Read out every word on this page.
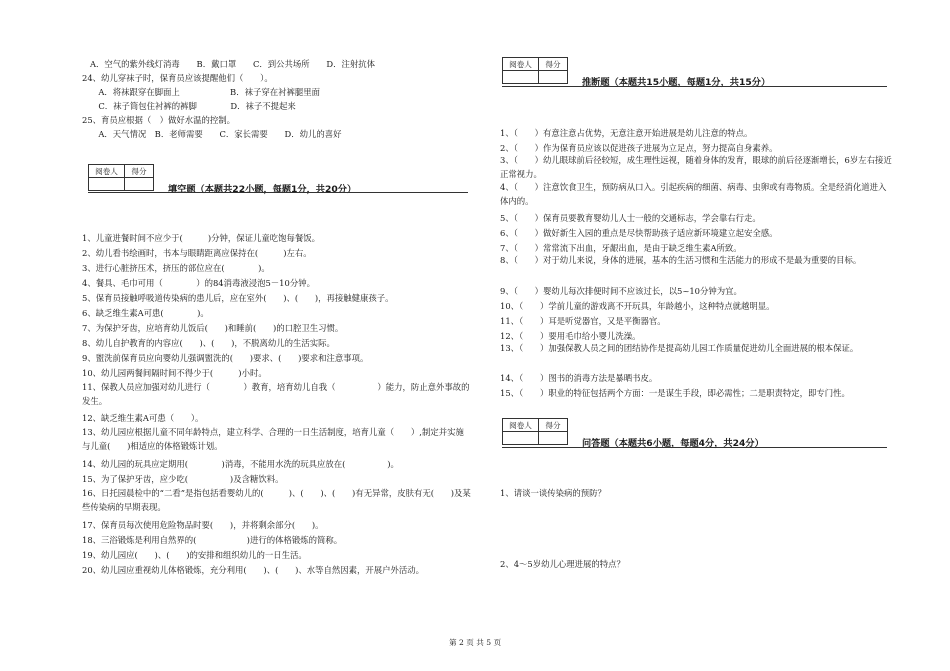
A．空气的紫外线灯消毒　　B．戴口罩　　C．到公共场所　　D．注射抗体
24、幼儿穿袜子时，保育员应该提醒他们（　　）。
　A．将袜跟穿在脚面上　　　　　　B．袜子穿在衬裤腿里面
　C．袜子筒包住衬裤的裤脚　　　　D．袜子不提起来
25、育员应根据（　）做好水温的控制。
　A．天气情况　B．老师需要　　C．家长需要　　D．幼儿的喜好
阅卷人	得分

填空题（本题共22小题，每题1分，共20分）
1、儿童进餐时间不应少于(　　　)分钟，保证儿童吃饱每餐饭。
2、幼儿看书绘画时，书本与眼睛距离应保持在(　　　)左右。
3、进行心脏挤压术，挤压的部位应在(　　　　)。
4、餐具、毛巾可用（　　　　）的84消毒液浸泡5－10分钟。
5、保育员接触呼吸道传染病的患儿后，应在室外(　　)、(　　)，再接触健康孩子。
6、缺乏维生素A可患(　　　　)。
7、为保护牙齿，应培育幼儿饭后(　　)和睡前(　　)的口腔卫生习惯。
8、幼儿自护教育的内容应(　　)、(　　)，不脱离幼儿的生活实际。
9、盥洗前保育员应向婴幼儿强调盥洗的(　　)要求、(　　)要求和注意事项。
10、幼儿园两餐间隔时间不得少于(　　　)小时。
11、保教人员应加强对幼儿进行（　　　　）教育，培育幼儿自我（　　　　　）能力，防止意外事故的发生。
12、缺乏维生素A可患（　　）。
13、幼儿园应根据儿童不同年龄特点，建立科学、合理的一日生活制度，培育儿童（　　）,制定并实施与儿童(　　)相适应的体格锻炼计划。
14、幼儿园的玩具应定期用(　　　　)消毒，不能用水洗的玩具应放在(　　　　　)。
15、为了保护牙齿，应少吃(　　　　　)及含糖饮料。
16、日托园晨检中的“二看”是指包括看婴幼儿的(　　　)、(　　)、(　　)有无异常，皮肤有无(　　)及某些传染病的早期表现。
17、保育员每次使用危险物品时要(　　)，并将剩余部分(　　)。
18、三浴锻炼是利用自然界的(　　　　　　)进行的体格锻炼的简称。
19、幼儿园应(　　)、(　　)的安排和组织幼儿的一日生活。
20、幼儿园应重视幼儿体格锻炼，充分利用(　　)、(　　)、水等自然因素，开展户外活动。
阅卷人	得分

推断题（本题共15小题，每题1分，共15分）
1、（　　）有意注意占优势，无意注意开始进展是幼儿注意的特点。
2、（　　）作为保育员应该以促进孩子进展为立足点，努力提高自身素养。
3、（　　）幼儿眼球前后径较短，成生理性远视，随着身体的发育，眼球的前后径逐渐增长，6岁左右接近正常视力。
4、（　　）注意饮食卫生，预防病从口入。引起疾病的细菌、病毒、虫卵或有毒物质。全是经消化道进入体内的。
5、（　　）保育员要教育婴幼儿人士一般的交通标志，学会靠右行走。
6、（　　）做好新生入园的重点是尽快帮助孩子适应新环境建立起安全感。
7、（　　）常常流下出血，牙龈出血，是由于缺乏维生素A所致。
8、（　　）对于幼儿来说，身体的进展，基本的生活习惯和生活能力的形成不是最为重要的目标。
9、（　　）婴幼儿每次排便时间不应该过长，以5~10分钟为宜。
10、（　　）学前儿童的游戏离不开玩具，年龄越小，这种特点就越明显。
11、（　　）耳是听觉器官，又是平衡器官。
12、（　　）要用毛巾给小婴儿洗澡。
13、（　　）加强保教人员之间的团结协作是提高幼儿园工作质量促进幼儿全面进展的根本保证。
14、（　　）图书的消毒方法是暴晒书皮。
15、（　　）职业的特征包括两个方面：一是谋生手段，即必需性；二是职责特定，即专门性。
阅卷人	得分

问答题（本题共6小题，每题4分，共24分）
1、请谈一谈传染病的预防？
2、4～5岁幼儿心理进展的特点？
第 2 页 共 5 页
